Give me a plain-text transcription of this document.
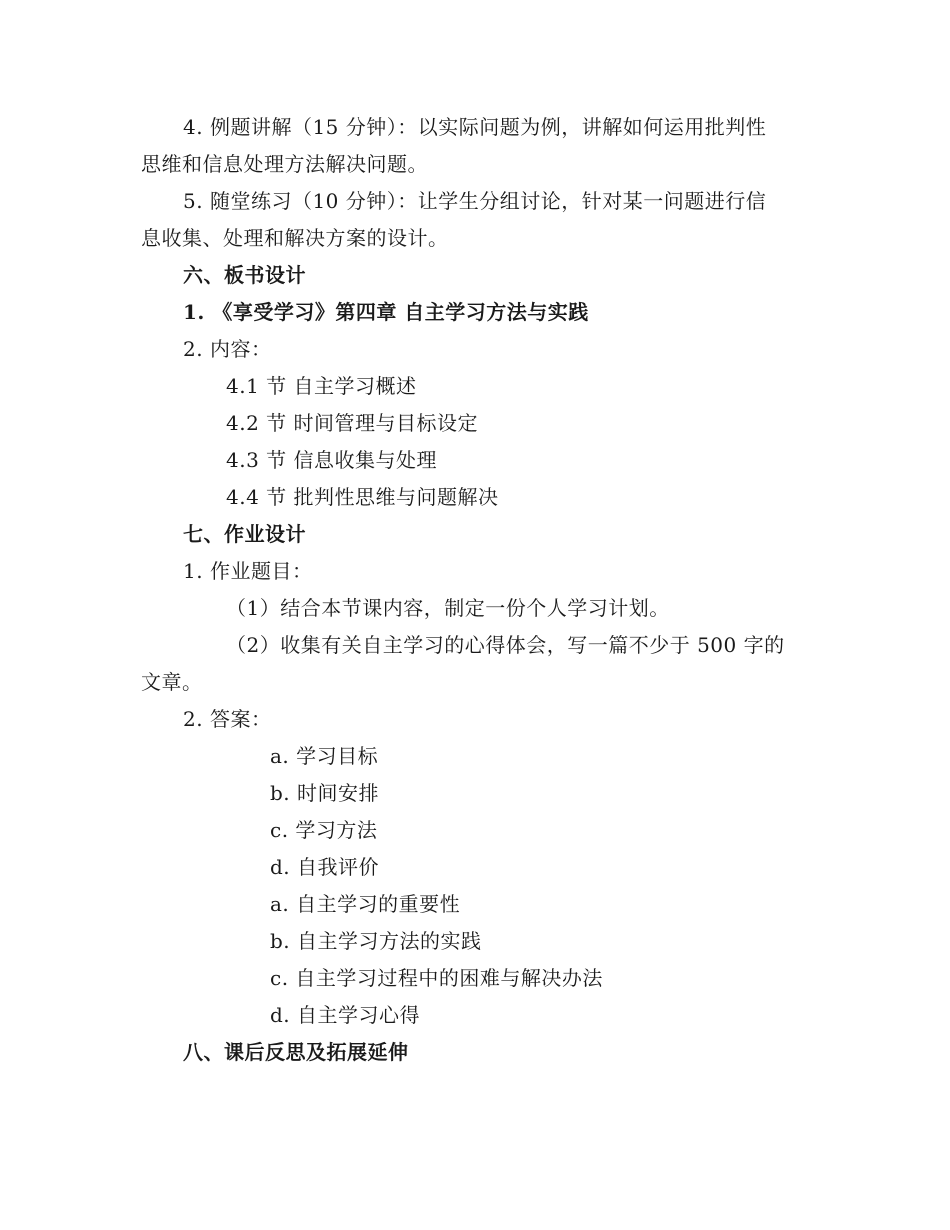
4. 例题讲解（15 分钟）：以实际问题为例，讲解如何运用批判性
思维和信息处理方法解决问题。
5. 随堂练习（10 分钟）：让学生分组讨论，针对某一问题进行信
息收集、处理和解决方案的设计。
六、板书设计
1. 《享受学习》第四章 自主学习方法与实践
2. 内容：
4.1 节 自主学习概述
4.2 节 时间管理与目标设定
4.3 节 信息收集与处理
4.4 节 批判性思维与问题解决
七、作业设计
1. 作业题目：
（1）结合本节课内容，制定一份个人学习计划。
（2）收集有关自主学习的心得体会，写一篇不少于 500 字的
文章。
2. 答案：
a. 学习目标
b. 时间安排
c. 学习方法
d. 自我评价
a. 自主学习的重要性
b. 自主学习方法的实践
c. 自主学习过程中的困难与解决办法
d. 自主学习心得
八、课后反思及拓展延伸
